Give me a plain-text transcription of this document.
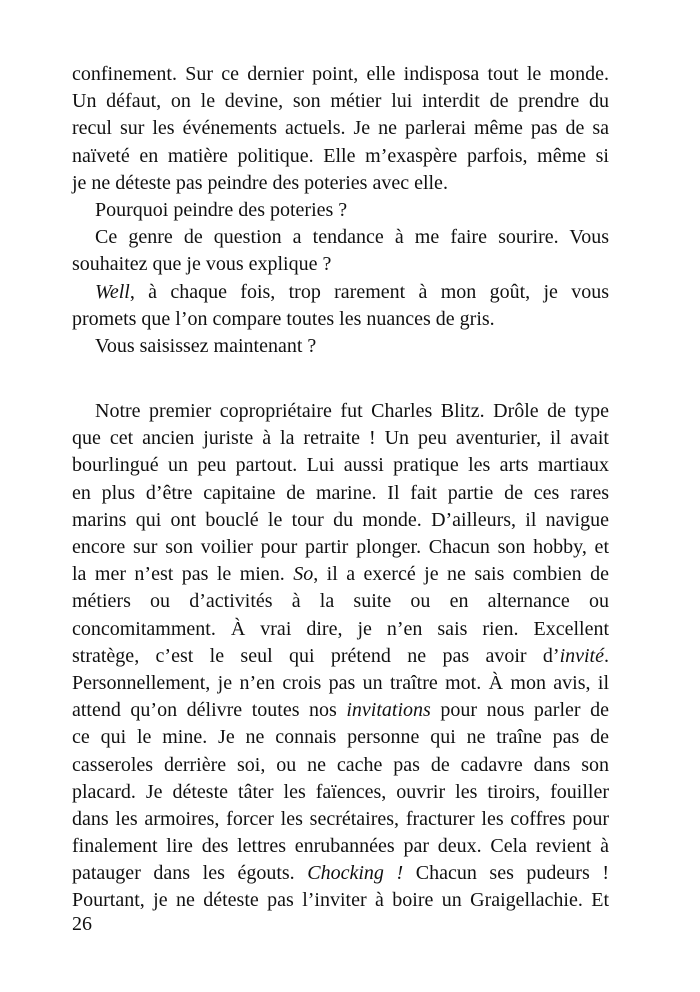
confinement. Sur ce dernier point, elle indisposa tout le monde.
Un défaut, on le devine, son métier lui interdit de prendre du
recul sur les événements actuels. Je ne parlerai même pas de sa
naïveté en matière politique. Elle m’exaspère parfois, même si
je ne déteste pas peindre des poteries avec elle.
Pourquoi peindre des poteries ?
Ce genre de question a tendance à me faire sourire. Vous
souhaitez que je vous explique ?
Well, à chaque fois, trop rarement à mon goût, je vous
promets que l’on compare toutes les nuances de gris.
Vous saisissez maintenant ?
Notre premier copropriétaire fut Charles Blitz. Drôle de type
que cet ancien juriste à la retraite ! Un peu aventurier, il avait
bourlingué un peu partout. Lui aussi pratique les arts martiaux
en plus d’être capitaine de marine. Il fait partie de ces rares
marins qui ont bouclé le tour du monde. D’ailleurs, il navigue
encore sur son voilier pour partir plonger. Chacun son hobby, et
la mer n’est pas le mien. So, il a exercé je ne sais combien de
métiers ou d’activités à la suite ou en alternance ou
concomitamment. À vrai dire, je n’en sais rien. Excellent
stratège, c’est le seul qui prétend ne pas avoir d’invité.
Personnellement, je n’en crois pas un traître mot. À mon avis, il
attend qu’on délivre toutes nos invitations pour nous parler de
ce qui le mine. Je ne connais personne qui ne traîne pas de
casseroles derrière soi, ou ne cache pas de cadavre dans son
placard. Je déteste tâter les faïences, ouvrir les tiroirs, fouiller
dans les armoires, forcer les secrétaires, fracturer les coffres pour
finalement lire des lettres enrubannées par deux. Cela revient à
patauger dans les égouts. Chocking ! Chacun ses pudeurs !
Pourtant, je ne déteste pas l’inviter à boire un Graigellachie. Et
26
